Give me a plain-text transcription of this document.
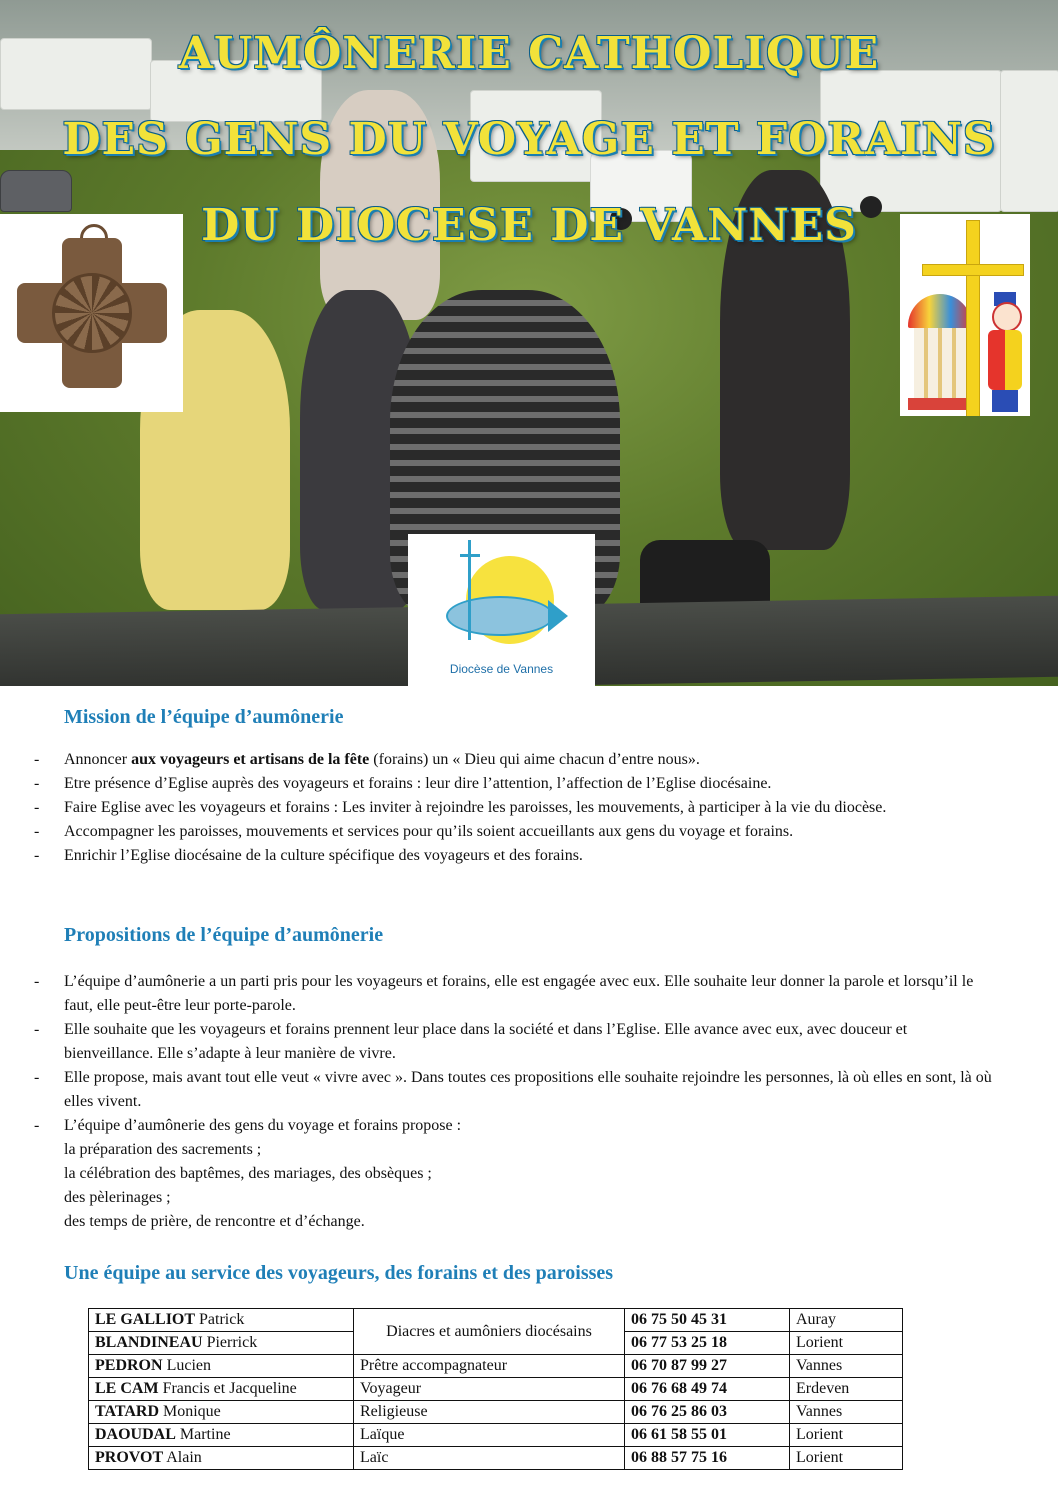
AUMÔNERIE CATHOLIQUE
DES GENS DU VOYAGE ET FORAINS
DU DIOCESE DE VANNES
Diocèse de Vannes
Mission de l’équipe d’aumônerie
- Annoncer aux voyageurs et artisans de la fête (forains) un « Dieu qui aime chacun d’entre nous».
- Etre présence d’Eglise auprès des voyageurs et forains : leur dire l’attention, l’affection de l’Eglise diocésaine.
- Faire Eglise avec les voyageurs et forains : Les inviter à rejoindre les paroisses, les mouvements, à participer à la vie du diocèse.
- Accompagner les paroisses, mouvements et services pour qu’ils soient accueillants aux gens du voyage et forains.
- Enrichir l’Eglise diocésaine de la culture spécifique des voyageurs et des forains.
Propositions de l’équipe d’aumônerie
- L’équipe d’aumônerie a un parti pris pour les voyageurs et forains, elle est engagée avec eux. Elle souhaite leur donner la parole et lorsqu’il le faut, elle peut-être leur porte-parole.
- Elle souhaite que les voyageurs et forains prennent leur place dans la société et dans l’Eglise. Elle avance avec eux, avec douceur et bienveillance. Elle s’adapte à leur manière de vivre.
- Elle propose, mais avant tout elle veut « vivre avec ». Dans toutes ces propositions elle souhaite rejoindre les personnes, là où elles en sont, là où elles vivent.
- L’équipe d’aumônerie des gens du voyage et forains propose :
la préparation des sacrements ;
la célébration des baptêmes, des mariages, des obsèques ;
des pèlerinages ;
des temps de prière, de rencontre et d’échange.
Une équipe au service des voyageurs, des forains et des paroisses
LE GALLIOT Patrick	Diacres et aumôniers diocésains	06 75 50 45 31	Auray
BLANDINEAU Pierrick		06 77 53 25 18	Lorient
PEDRON Lucien	Prêtre accompagnateur	06 70 87 99 27	Vannes
LE CAM Francis et Jacqueline	Voyageur	06 76 68 49 74	Erdeven
TATARD Monique	Religieuse	06 76 25 86 03	Vannes
DAOUDAL Martine	Laïque	06 61 58 55 01	Lorient
PROVOT Alain	Laïc	06 88 57 75 16	Lorient
